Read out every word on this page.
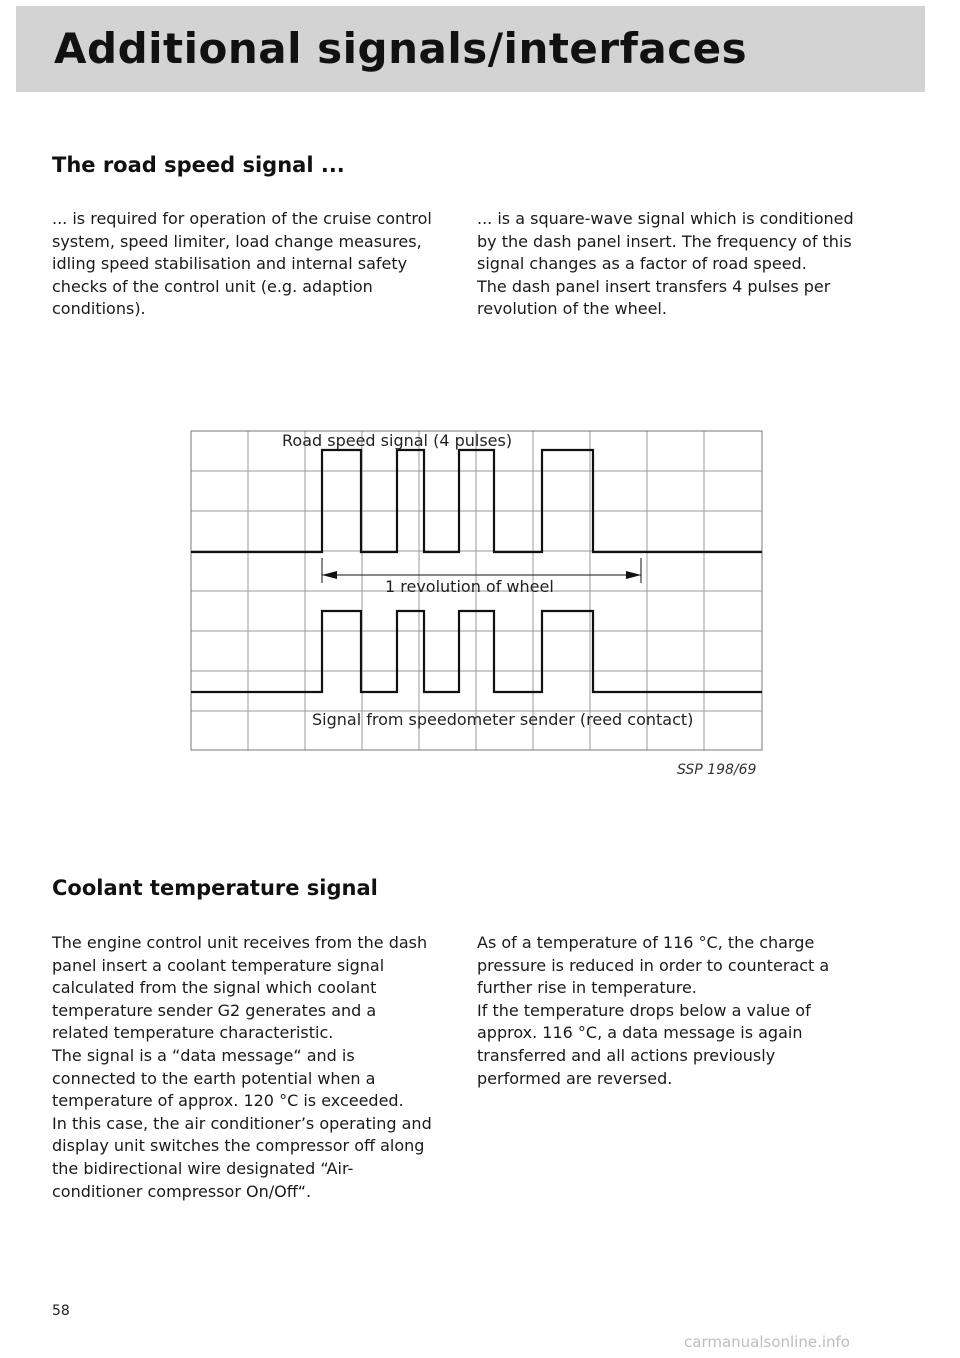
Additional signals/interfaces
The road speed signal ...
... is required for operation of the cruise control
system, speed limiter, load change measures,
idling speed stabilisation and internal safety
checks of the control unit (e.g. adaption
conditions).
... is a square-wave signal which is conditioned
by the dash panel insert. The frequency of this
signal changes as a factor of road speed.
The dash panel insert transfers 4 pulses per
revolution of the wheel.
Road speed signal (4 pulses)
1 revolution of wheel
Signal from speedometer sender (reed contact)
SSP 198/69
Coolant temperature signal
The engine control unit receives from the dash
panel insert a coolant temperature signal
calculated from the signal which coolant
temperature sender G2 generates and a
related temperature characteristic.
The signal is a “data message“ and is
connected to the earth potential when a
temperature of approx. 120 °C is exceeded.
In this case, the air conditioner’s operating and
display unit switches the compressor off along
the bidirectional wire designated “Air-
conditioner compressor On/Off“.
As of a temperature of 116 °C, the charge
pressure is reduced in order to counteract a
further rise in temperature.
If the temperature drops below a value of
approx. 116 °C, a data message is again
transferred and all actions previously
performed are reversed.
58
carmanualsonline.info
